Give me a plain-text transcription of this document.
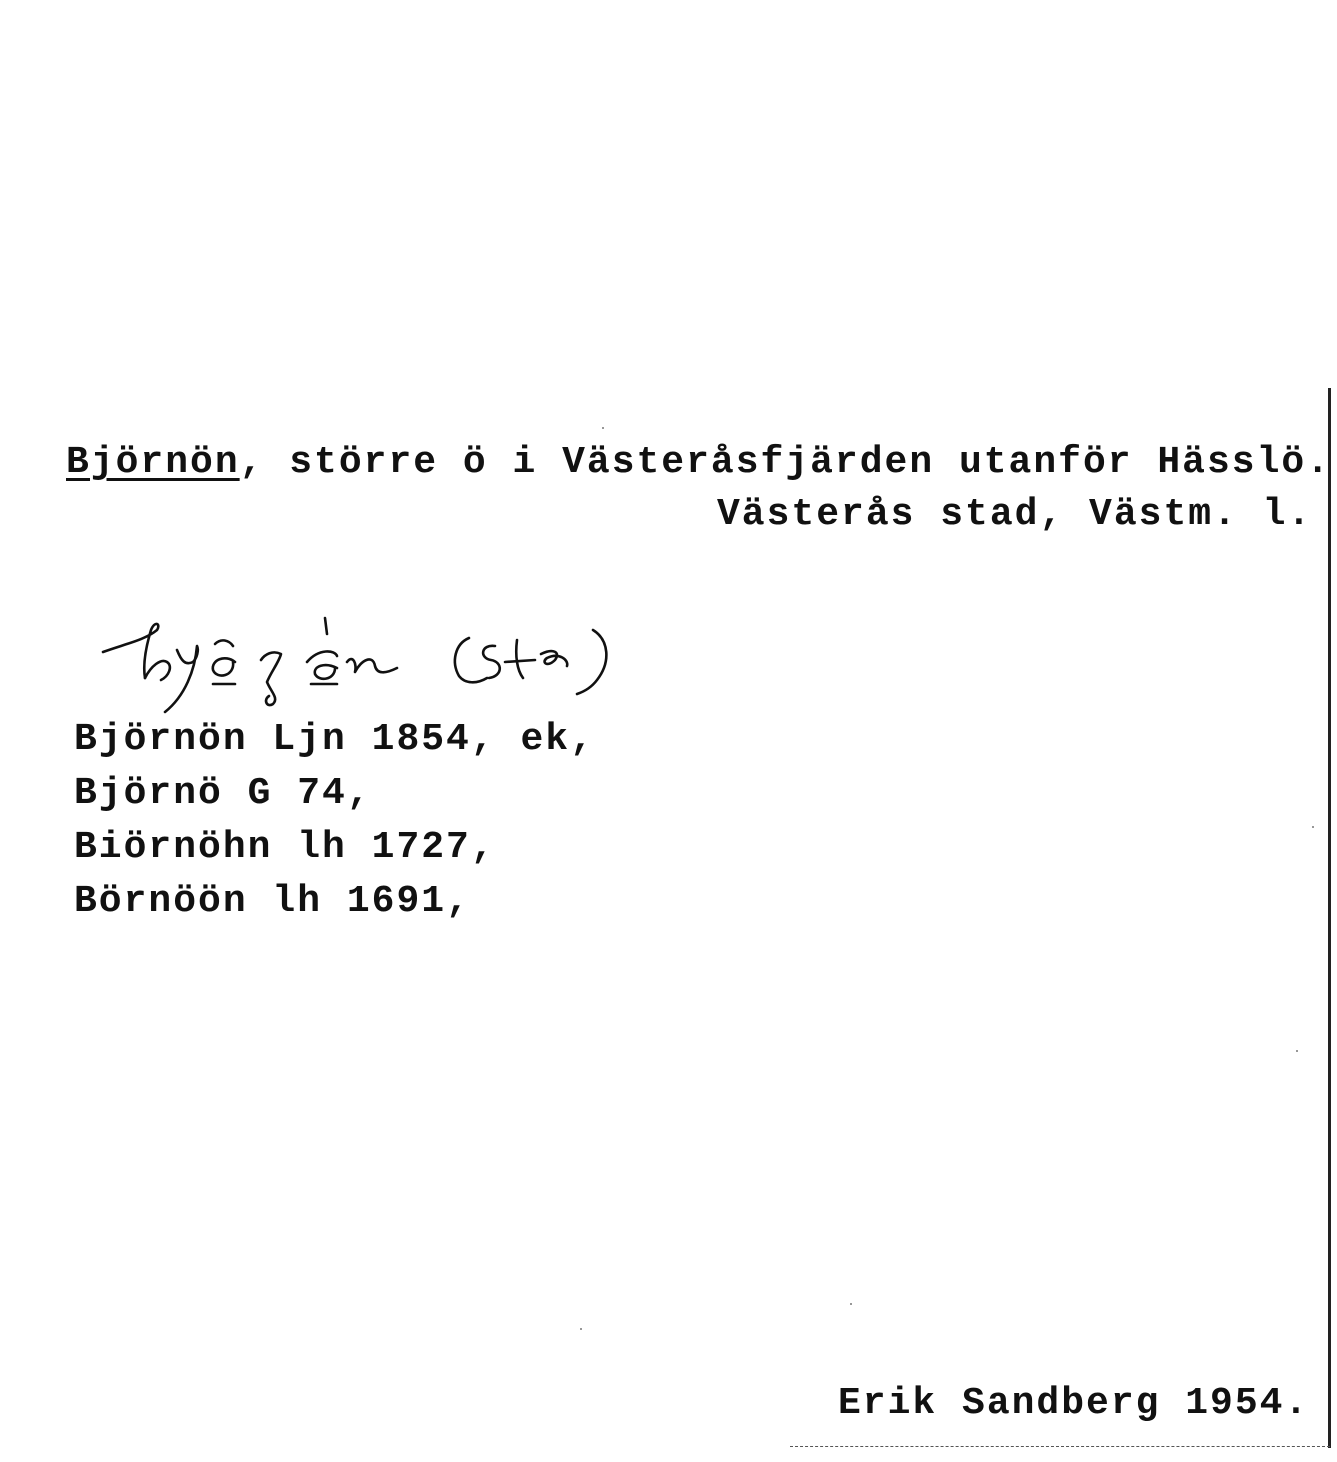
Björnön, större ö i Västeråsfjärden utanför Hässlö.
Västerås stad, Västm. l.
Björnön Ljn 1854, ek,
Björnö G 74,
Biörnöhn lh 1727,
Börnöön lh 1691,
Erik Sandberg 1954.
